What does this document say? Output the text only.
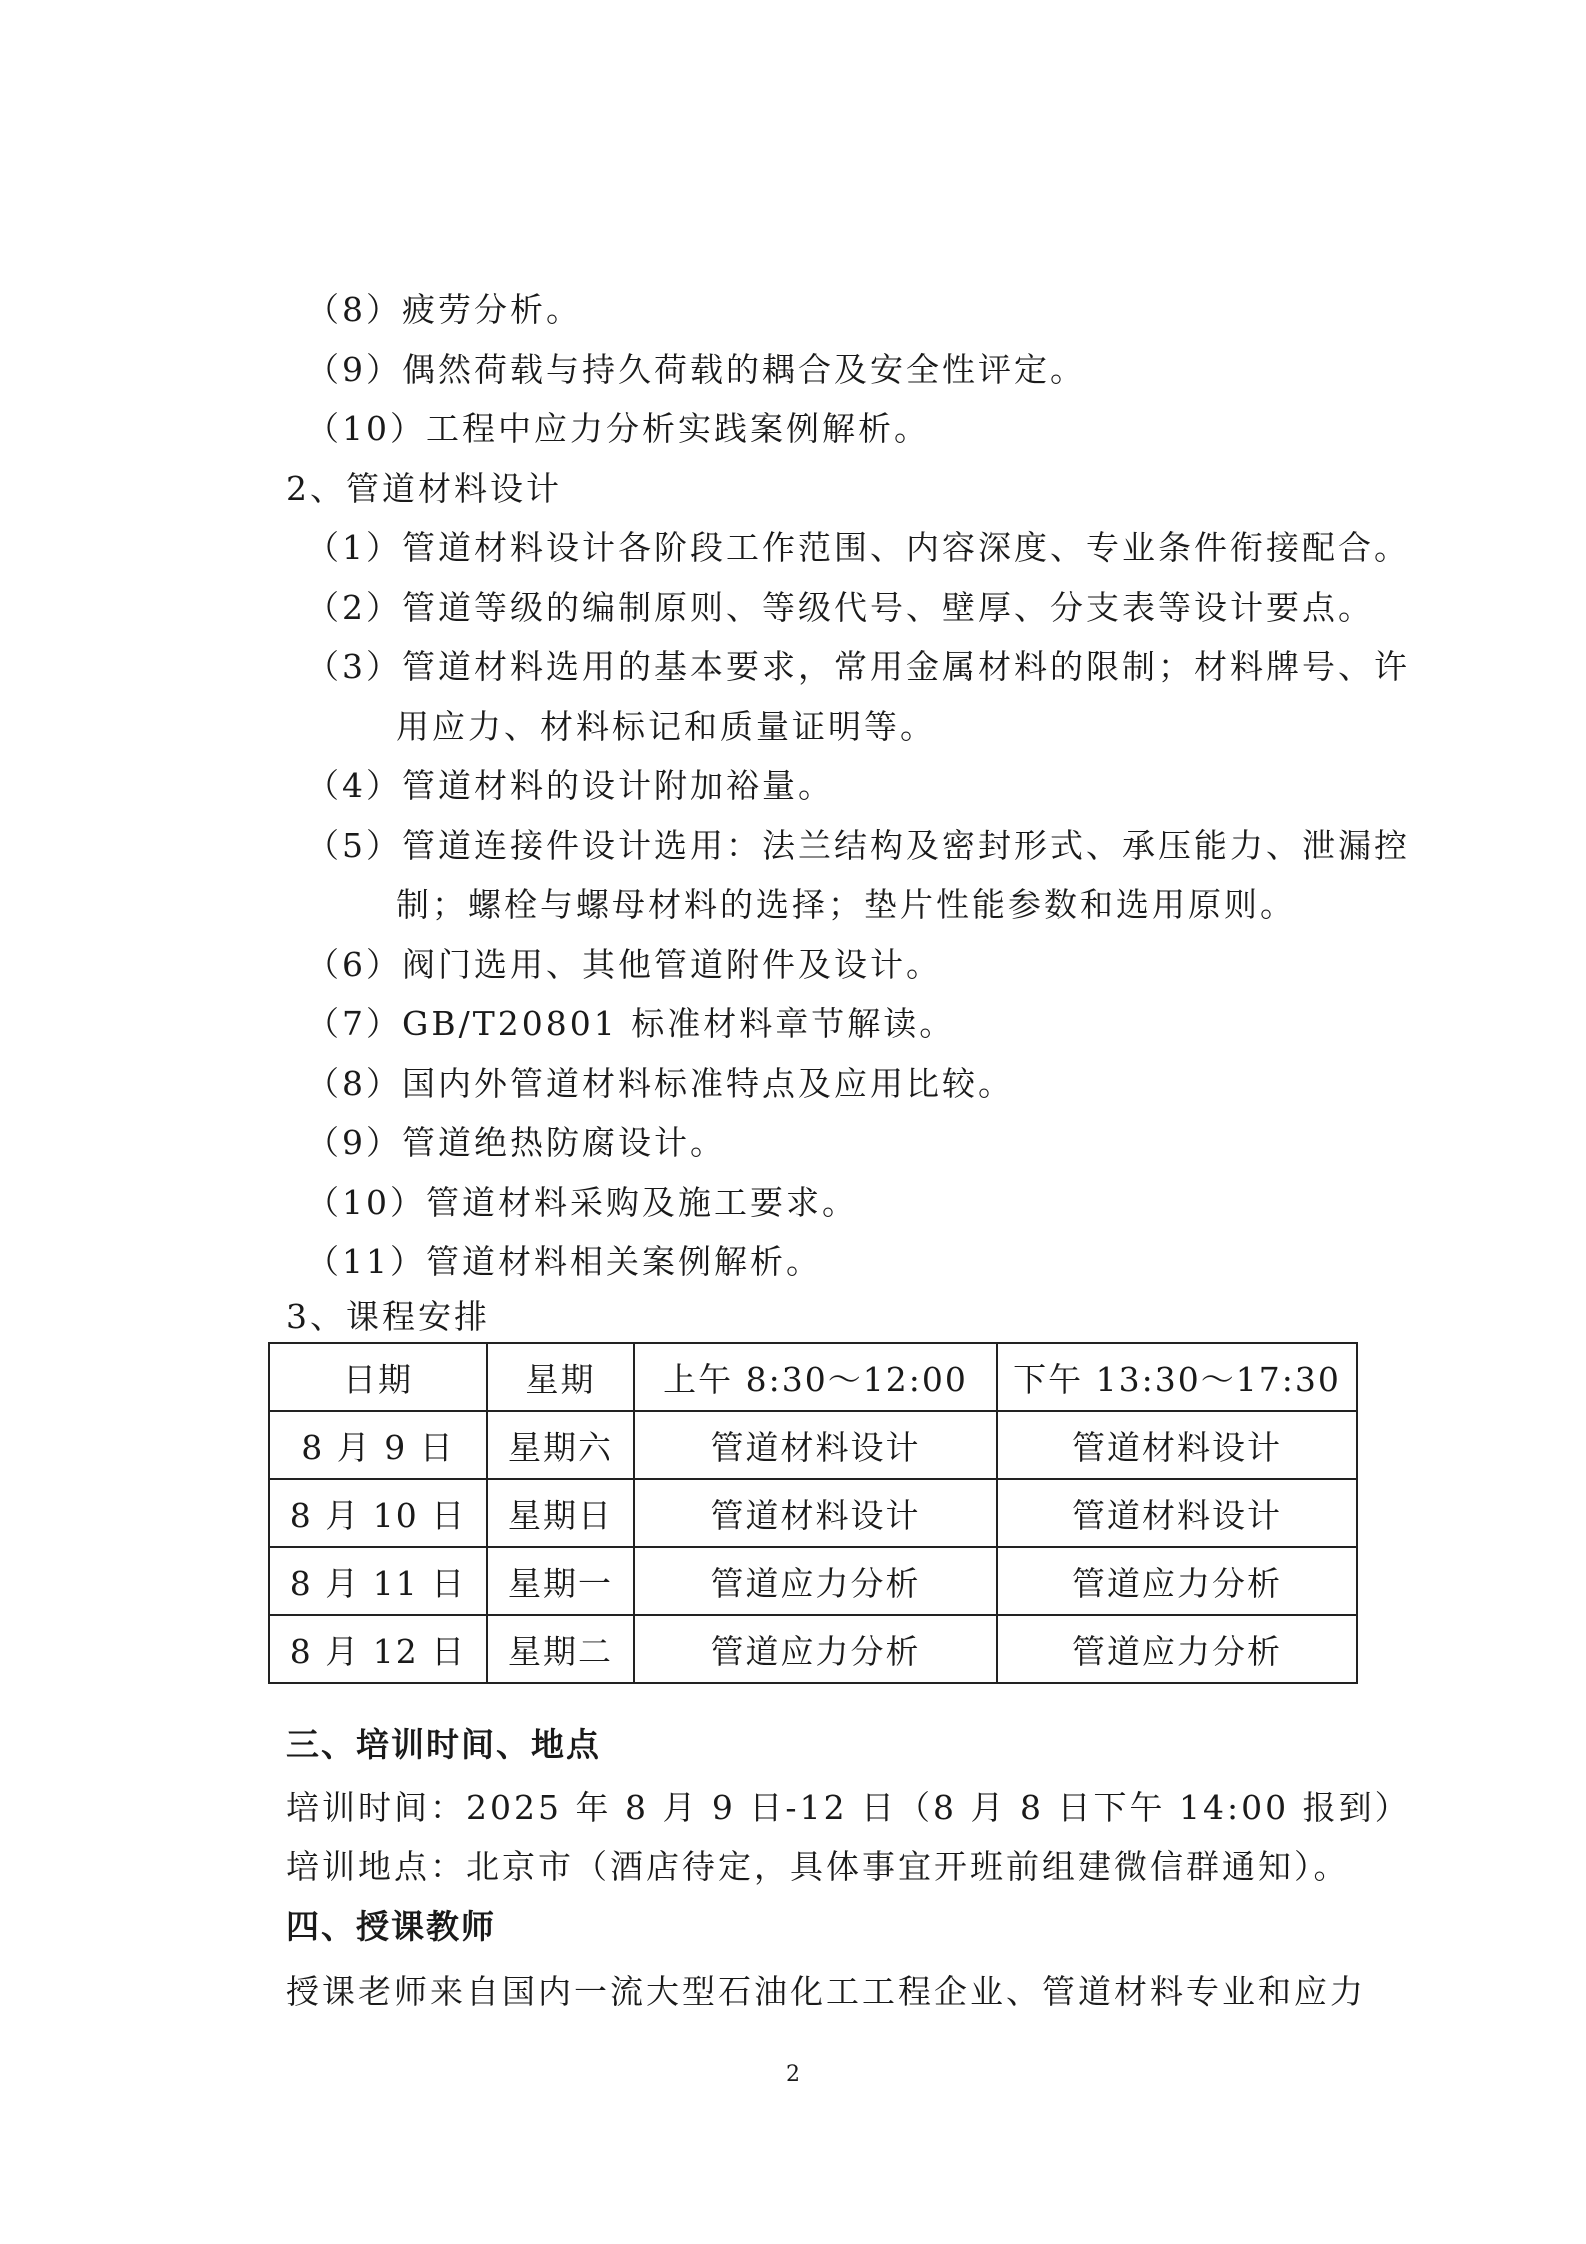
（8）疲劳分析。
（9）偶然荷载与持久荷载的耦合及安全性评定。
（10）工程中应力分析实践案例解析。
2、管道材料设计
（1）管道材料设计各阶段工作范围、内容深度、专业条件衔接配合。
（2）管道等级的编制原则、等级代号、壁厚、分支表等设计要点。
（3）管道材料选用的基本要求，常用金属材料的限制；材料牌号、许
用应力、材料标记和质量证明等。
（4）管道材料的设计附加裕量。
（5）管道连接件设计选用：法兰结构及密封形式、承压能力、泄漏控
制；螺栓与螺母材料的选择；垫片性能参数和选用原则。
（6）阀门选用、其他管道附件及设计。
（7）GB/T20801 标准材料章节解读。
（8）国内外管道材料标准特点及应用比较。
（9）管道绝热防腐设计。
（10）管道材料采购及施工要求。
（11）管道材料相关案例解析。
3、课程安排
日期	星期	上午 8:30～12:00	下午 13:30～17:30
8 月 9 日	星期六	管道材料设计	管道材料设计
8 月 10 日	星期日	管道材料设计	管道材料设计
8 月 11 日	星期一	管道应力分析	管道应力分析
8 月 12 日	星期二	管道应力分析	管道应力分析
三、培训时间、地点
培训时间：2025 年 8 月 9 日-12 日（8 月 8 日下午 14:00 报到）
培训地点：北京市（酒店待定，具体事宜开班前组建微信群通知）。
四、授课教师
授课老师来自国内一流大型石油化工工程企业、管道材料专业和应力
2
